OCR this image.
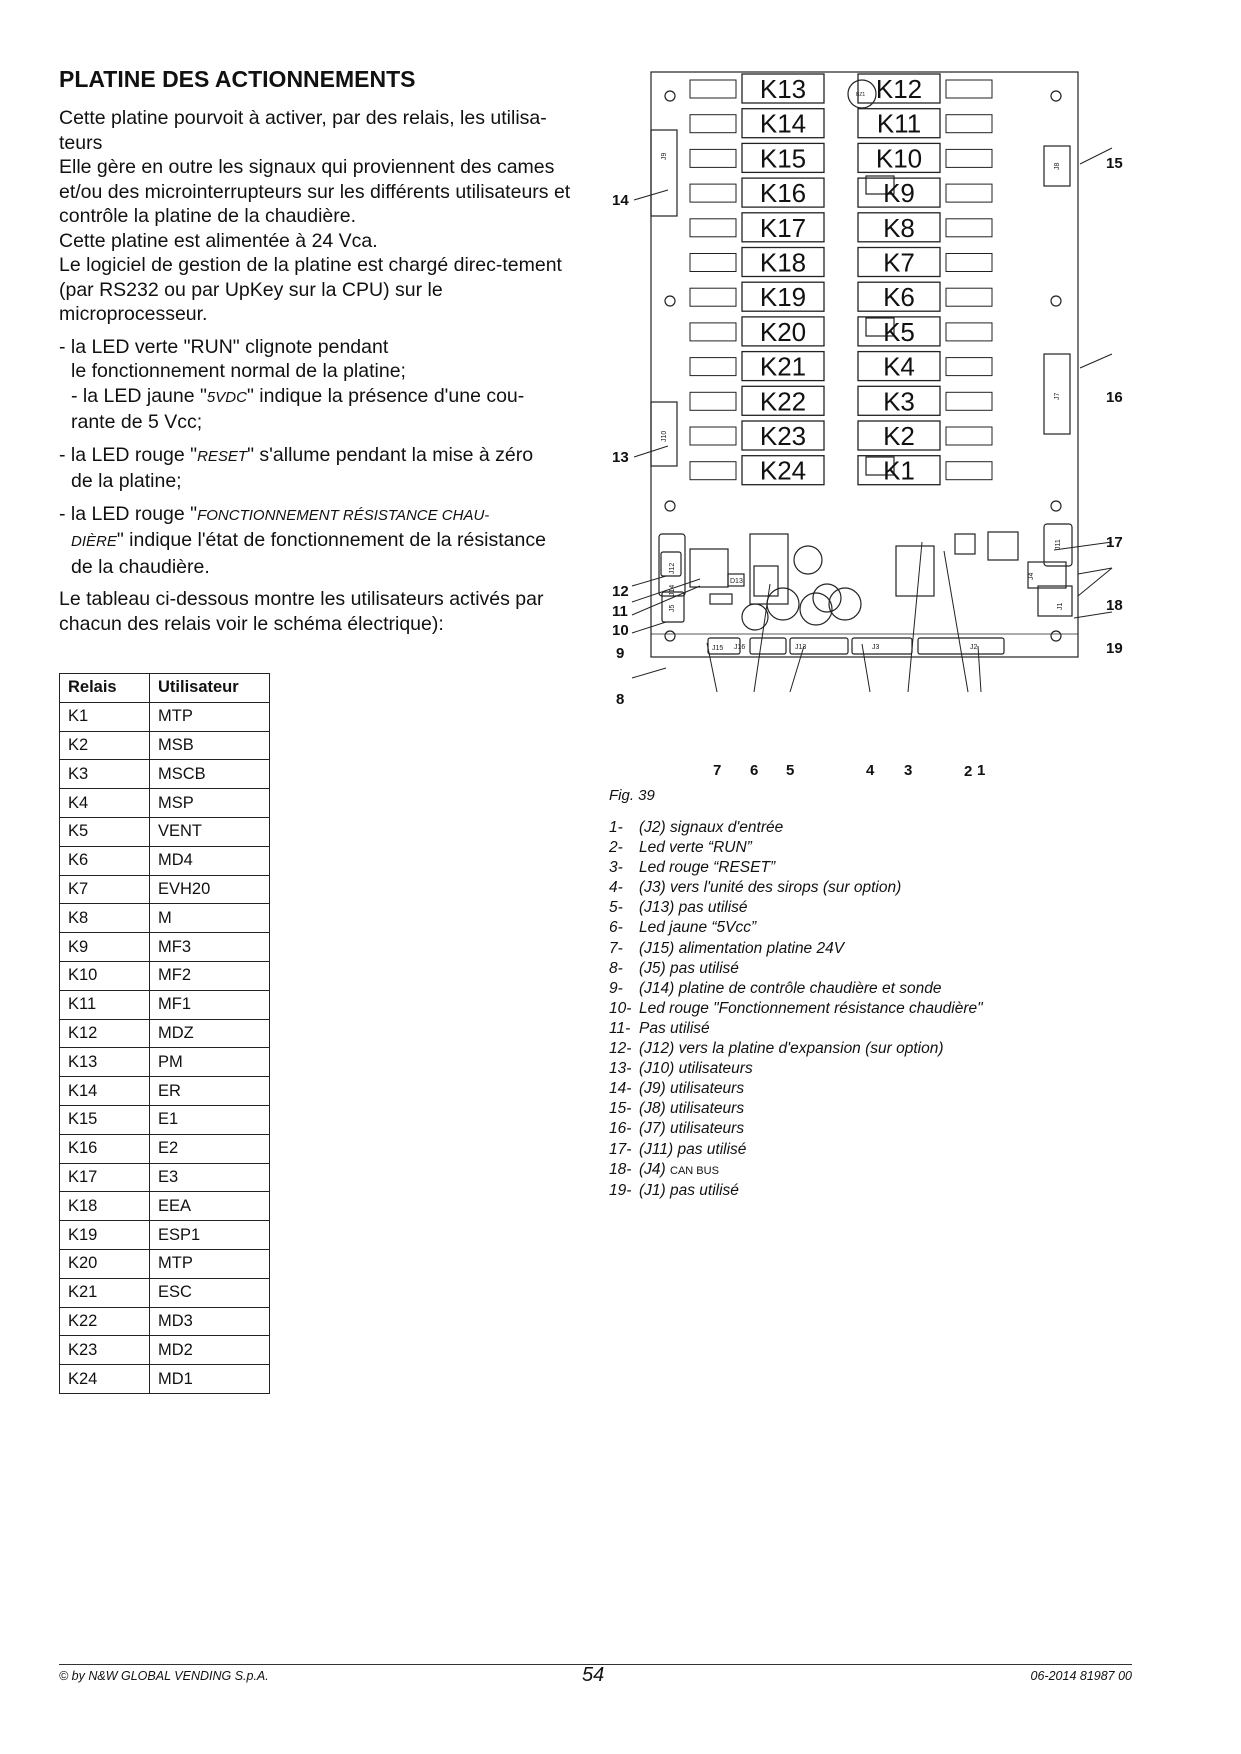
PLATINE DES ACTIONNEMENTS

Cette platine pourvoit à activer, par des relais, les utilisa-teurs

Elle gère en outre les signaux qui proviennent des cames et/ou des microinterrupteurs sur les différents utilisateurs et contrôle la platine de la chaudière.

Cette platine est alimentée à 24 Vca.

Le logiciel de gestion de la platine est chargé direc-tement (par RS232 ou par UpKey sur la CPU) sur le microprocesseur.

- la LED verte "RUN" clignote pendant

le fonctionnement normal de la platine;

- la LED jaune "5VDC" indique la présence d'une cou-

rante de 5 Vcc;

- la LED rouge "RESET" s'allume pendant la mise à zéro

de la platine;

- la LED rouge "FONCTIONNEMENT RÉSISTANCE CHAU-

DIÈRE" indique l'état de fonctionnement de la résistance

de la chaudière.

Le tableau ci-dessous montre les utilisateurs activés par chacun des relais voir le schéma électrique):

Relais	Utilisateur
K1	MTP
K2	MSB
K3	MSCB
K4	MSP
K5	VENT
K6	MD4
K7	EVH20
K8	M
K9	MF3
K10	MF2
K11	MF1
K12	MDZ
K13	PM
K14	ER
K15	E1
K16	E2
K17	E3
K18	EEA
K19	ESP1
K20	MTP
K21	ESC
K22	MD3
K23	MD2
K24	MD1
K13	K12
K14	K11
K15	K10
K16	K9
K17	K8
K18	K7
K19	K6
K20	K5
K21	K4
K22	K3
K23	K2
K24	K1
J9
J10
J8
J7
J12
J14
J5
J11
J4
J1
J15 J16	J13	J3	J2
D13
BZ1
14
13
15
16
17
18
19
12
11
10
9
8
7 6 5	4 3	2 1
Fig. 39
1- (J2) signaux d'entrée
2- Led verte “RUN”
3- Led rouge “RESET”
4- (J3) vers l'unité des sirops (sur option)
5- (J13) pas utilisé
6- Led jaune “5Vcc”
7- (J15) alimentation platine 24V
8- (J5) pas utilisé
9- (J14) platine de contrôle chaudière et sonde
10- Led rouge "Fonctionnement résistance chaudière"
11- Pas utilisé
12- (J12) vers la platine d'expansion (sur option)
13- (J10) utilisateurs
14- (J9) utilisateurs
15- (J8) utilisateurs
16- (J7) utilisateurs
17- (J11) pas utilisé
18- (J4) CAN BUS
19- (J1) pas utilisé
© by N&W GLOBAL VENDING S.p.A.	54	06-2014 81987 00
